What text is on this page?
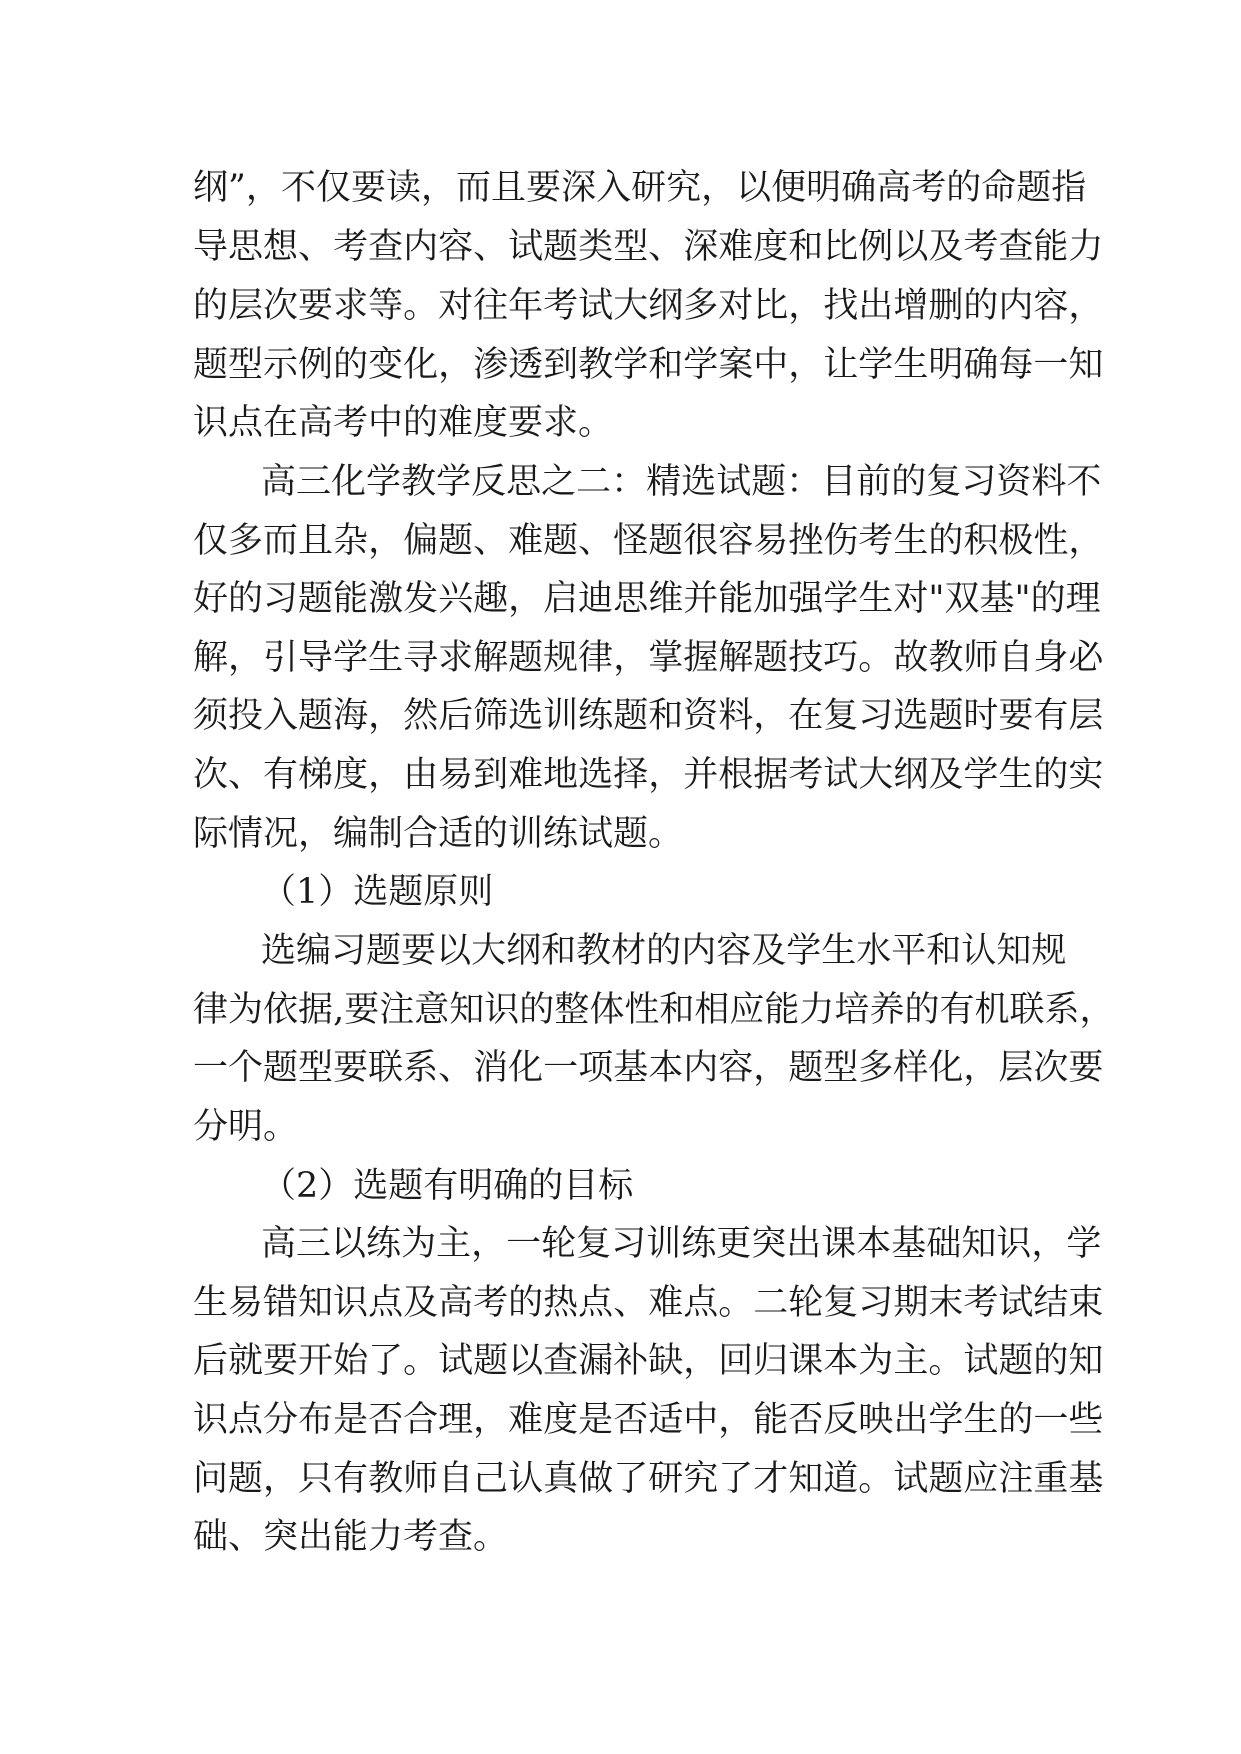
纲 ” ， 不 仅 要 读 ， 而 且 要 深 入 研 究 ， 以 便 明 确 高 考 的 命 题 指
导 思 想 、 考 查 内 容 、 试 题 类 型 、 深 难 度 和 比 例 以 及 考 查 能 力
的 层 次 要 求 等 。 对 往 年 考 试 大 纲 多 对 比 ， 找 出 增 删 的 内 容 ，
题 型 示 例 的 变 化 ， 渗 透 到 教 学 和 学 案 中 ， 让 学 生 明 确 每 一 知
识点在高考中的难度要求。
高 三 化 学 教 学 反 思 之 二 ： 精 选 试 题 ： 目 前 的 复 习 资 料 不
仅 多 而 且 杂 ， 偏 题 、 难 题 、 怪 题 很 容 易 挫 伤 考 生 的 积 极 性 ，
好 的 习 题 能 激 发 兴 趣 ， 启 迪 思 维 并 能 加 强 学 生 对 " 双 基 " 的 理
解 ， 引 导 学 生 寻 求 解 题 规 律 ， 掌 握 解 题 技 巧 。 故 教 师 自 身 必
须 投 入 题 海 ， 然 后 筛 选 训 练 题 和 资 料 ， 在 复 习 选 题 时 要 有 层
次 、 有 梯 度 ， 由 易 到 难 地 选 择 ， 并 根 据 考 试 大 纲 及 学 生 的 实
际情况，编制合适的训练试题。
（1）选题原则
选 编 习 题 要 以 大 纲 和 教 材 的 内 容 及 学 生 水 平 和 认 知 规
律 为 依 据 , 要 注 意 知 识 的 整 体 性 和 相 应 能 力 培 养 的 有 机 联 系 ，
一 个 题 型 要 联 系 、 消 化 一 项 基 本 内 容 ， 题 型 多 样 化 ， 层 次 要
分明。
（2）选题有明确的目标
高 三 以 练 为 主 ， 一 轮 复 习 训 练 更 突 出 课 本 基 础 知 识 ， 学
生 易 错 知 识 点 及 高 考 的 热 点 、 难 点 。 二 轮 复 习 期 末 考 试 结 束
后 就 要 开 始 了 。 试 题 以 查 漏 补 缺 ， 回 归 课 本 为 主 。 试 题 的 知
识 点 分 布 是 否 合 理 ， 难 度 是 否 适 中 ， 能 否 反 映 出 学 生 的 一 些
问 题 ， 只 有 教 师 自 己 认 真 做 了 研 究 了 才 知 道 。 试 题 应 注 重 基
础、突出能力考查。
